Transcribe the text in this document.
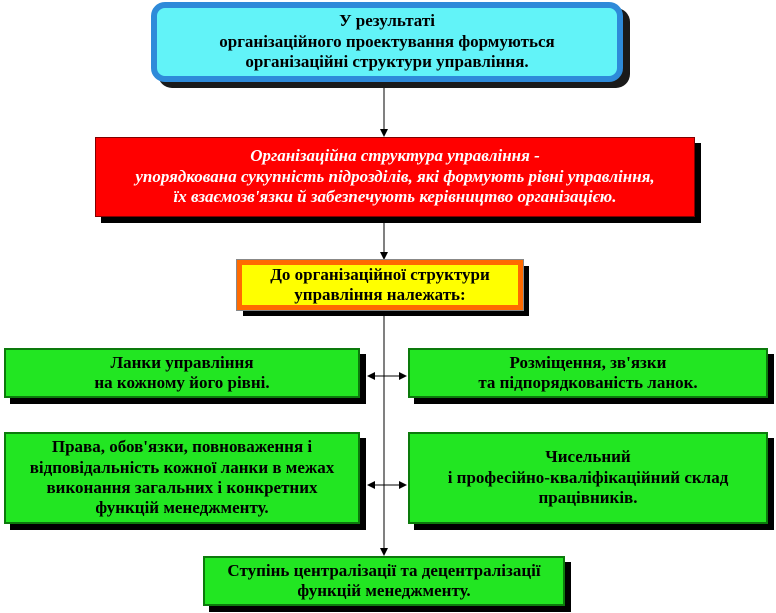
У результаті
організаційного проектування формуються
організаційні структури управління.
Організаційна структура управління -
упорядкована сукупність підрозділів, які формують рівні управління,
їх взаємозв'язки й забезпечують керівництво організацією.
До організаційної структури
управління належать:
Ланки управління
на кожному його рівні.
Розміщення, зв'язки
та підпорядкованість ланок.
Права, обов'язки, повноваження і
відповідальність кожної ланки в межах
виконання загальних і конкретних
функцій менеджменту.
Чисельний
і професійно-кваліфікаційний склад
працівників.
Ступінь централізації та децентралізації
функцій менеджменту.
